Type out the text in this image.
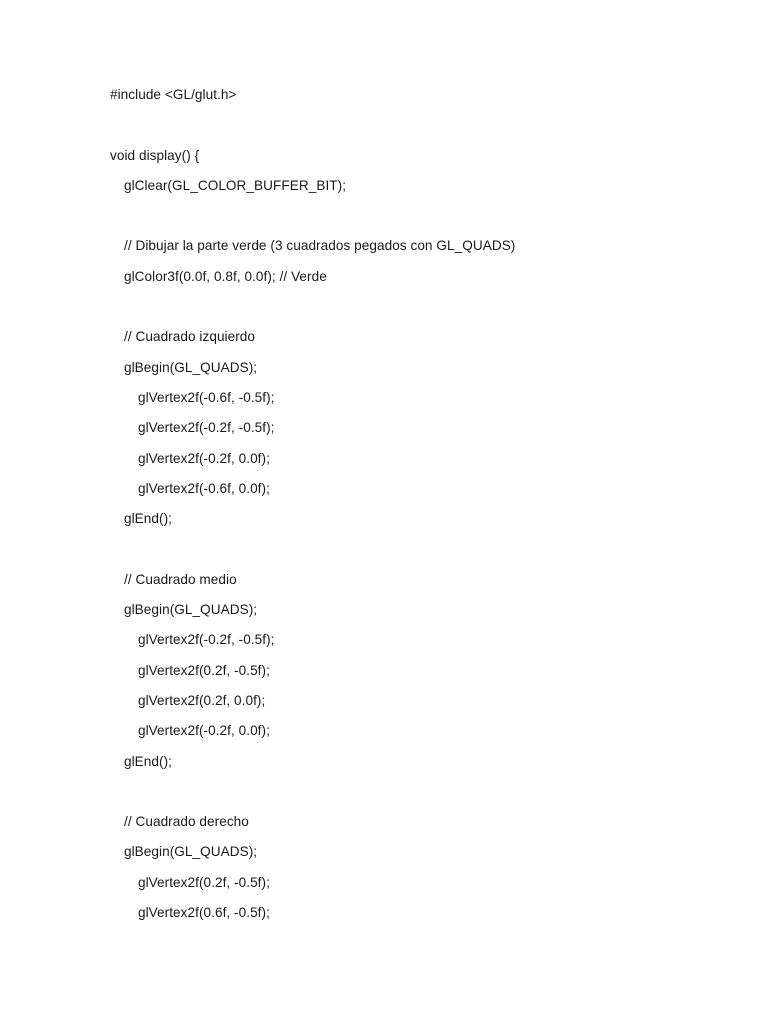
#include <GL/glut.h>
void display() {
glClear(GL_COLOR_BUFFER_BIT);
// Dibujar la parte verde (3 cuadrados pegados con GL_QUADS)
glColor3f(0.0f, 0.8f, 0.0f); // Verde
// Cuadrado izquierdo
glBegin(GL_QUADS);
glVertex2f(-0.6f, -0.5f);
glVertex2f(-0.2f, -0.5f);
glVertex2f(-0.2f, 0.0f);
glVertex2f(-0.6f, 0.0f);
glEnd();
// Cuadrado medio
glBegin(GL_QUADS);
glVertex2f(-0.2f, -0.5f);
glVertex2f(0.2f, -0.5f);
glVertex2f(0.2f, 0.0f);
glVertex2f(-0.2f, 0.0f);
glEnd();
// Cuadrado derecho
glBegin(GL_QUADS);
glVertex2f(0.2f, -0.5f);
glVertex2f(0.6f, -0.5f);
